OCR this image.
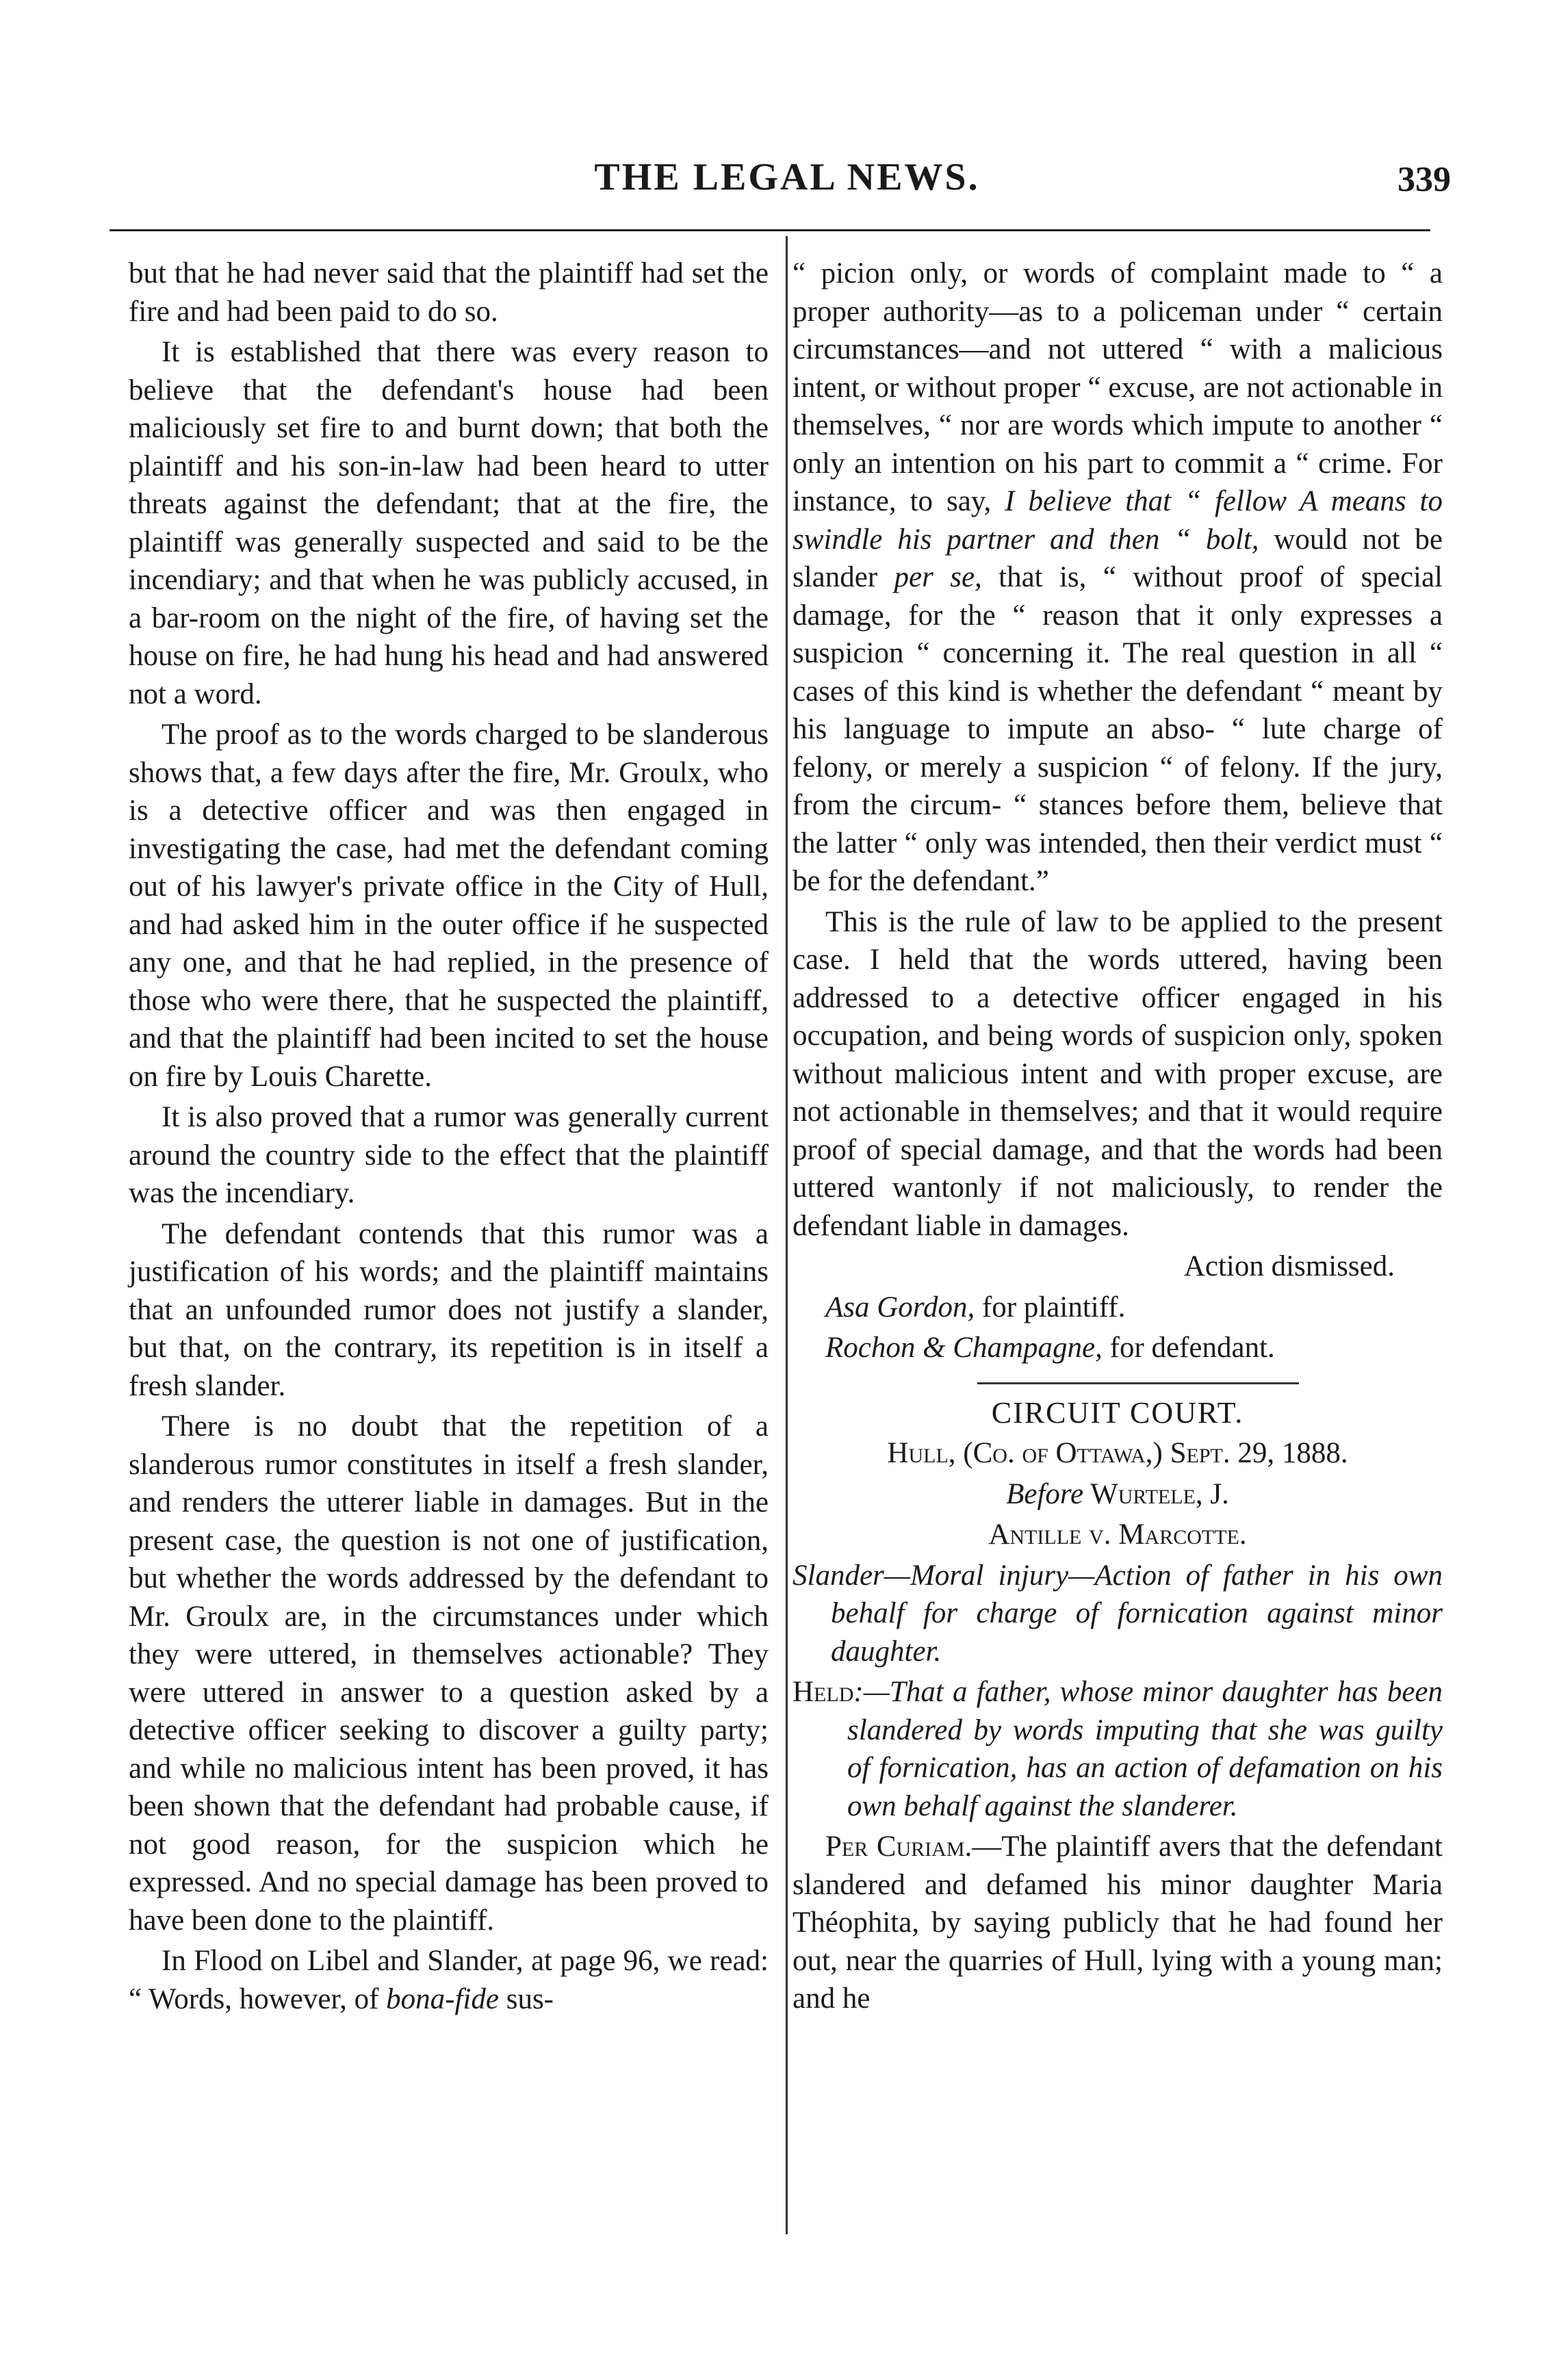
THE LEGAL NEWS.	339

but that he had never said that the plaintiff had set the fire and had been paid to do so.

It is established that there was every reason to believe that the defendant's house had been maliciously set fire to and burnt down; that both the plaintiff and his son-in-law had been heard to utter threats against the defendant; that at the fire, the plaintiff was generally suspected and said to be the incendiary; and that when he was publicly accused, in a bar-room on the night of the fire, of having set the house on fire, he had hung his head and had answered not a word.

The proof as to the words charged to be slanderous shows that, a few days after the fire, Mr. Groulx, who is a detective officer and was then engaged in investigating the case, had met the defendant coming out of his lawyer's private office in the City of Hull, and had asked him in the outer office if he suspected any one, and that he had replied, in the presence of those who were there, that he suspected the plaintiff, and that the plaintiff had been incited to set the house on fire by Louis Charette.

It is also proved that a rumor was generally current around the country side to the effect that the plaintiff was the incendiary.

The defendant contends that this rumor was a justification of his words; and the plaintiff maintains that an unfounded rumor does not justify a slander, but that, on the contrary, its repetition is in itself a fresh slander.

There is no doubt that the repetition of a slanderous rumor constitutes in itself a fresh slander, and renders the utterer liable in damages. But in the present case, the question is not one of justification, but whether the words addressed by the defendant to Mr. Groulx are, in the circumstances under which they were uttered, in themselves actionable? They were uttered in answer to a question asked by a detective officer seeking to discover a guilty party; and while no malicious intent has been proved, it has been shown that the defendant had probable cause, if not good reason, for the suspicion which he expressed. And no special damage has been proved to have been done to the plaintiff.

In Flood on Libel and Slander, at page 96, we read: “ Words, however, of bona-fide sus-

“ picion only, or words of complaint made to “ a proper authority—as to a policeman under “ certain circumstances—and not uttered “ with a malicious intent, or without proper “ excuse, are not actionable in themselves, “ nor are words which impute to another “ only an intention on his part to commit a “ crime. For instance, to say, I believe that “ fellow A means to swindle his partner and then “ bolt, would not be slander per se, that is, “ without proof of special damage, for the “ reason that it only expresses a suspicion “ concerning it. The real question in all “ cases of this kind is whether the defendant “ meant by his language to impute an abso- “ lute charge of felony, or merely a suspicion “ of felony. If the jury, from the circum- “ stances before them, believe that the latter “ only was intended, then their verdict must “ be for the defendant.”

This is the rule of law to be applied to the present case. I held that the words uttered, having been addressed to a detective officer engaged in his occupation, and being words of suspicion only, spoken without malicious intent and with proper excuse, are not actionable in themselves; and that it would require proof of special damage, and that the words had been uttered wantonly if not maliciously, to render the defendant liable in damages.

Action dismissed.

Asa Gordon, for plaintiff.

Rochon & Champagne, for defendant.

CIRCUIT COURT.

Hull, (Co. of Ottawa,) Sept. 29, 1888.

Before Wurtele, J.

Antille v. Marcotte.

Slander—Moral injury—Action of father in his own behalf for charge of fornication against minor daughter.

Held:—That a father, whose minor daughter has been slandered by words imputing that she was guilty of fornication, has an action of defamation on his own behalf against the slanderer.

Per Curiam.—The plaintiff avers that the defendant slandered and defamed his minor daughter Maria Théophita, by saying publicly that he had found her out, near the quarries of Hull, lying with a young man; and he
